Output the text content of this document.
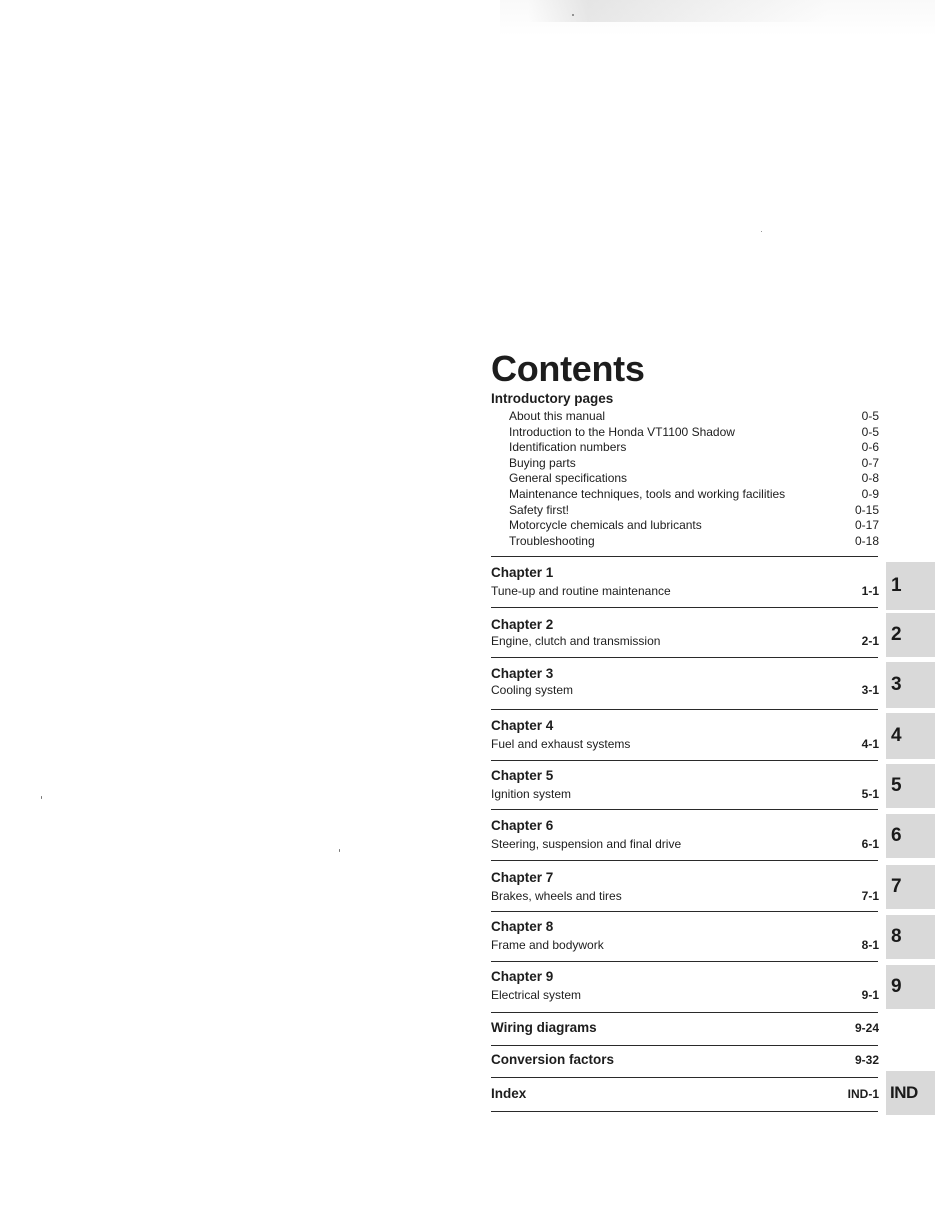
Contents
Introductory pages
About this manual	0-5
Introduction to the Honda VT1100 Shadow	0-5
Identification numbers	0-6
Buying parts	0-7
General specifications	0-8
Maintenance techniques, tools and working facilities	0-9
Safety first!	0-15
Motorcycle chemicals and lubricants	0-17
Troubleshooting	0-18
Chapter 1
Tune-up and routine maintenance	1-1
Chapter 2
Engine, clutch and transmission	2-1
Chapter 3
Cooling system	3-1
Chapter 4
Fuel and exhaust systems	4-1
Chapter 5
Ignition system	5-1
Chapter 6
Steering, suspension and final drive	6-1
Chapter 7
Brakes, wheels and tires	7-1
Chapter 8
Frame and bodywork	8-1
Chapter 9
Electrical system	9-1
Wiring diagrams	9-24
Conversion factors	9-32
Index	IND-1
1
2
3
4
5
6
7
8
9
IND
